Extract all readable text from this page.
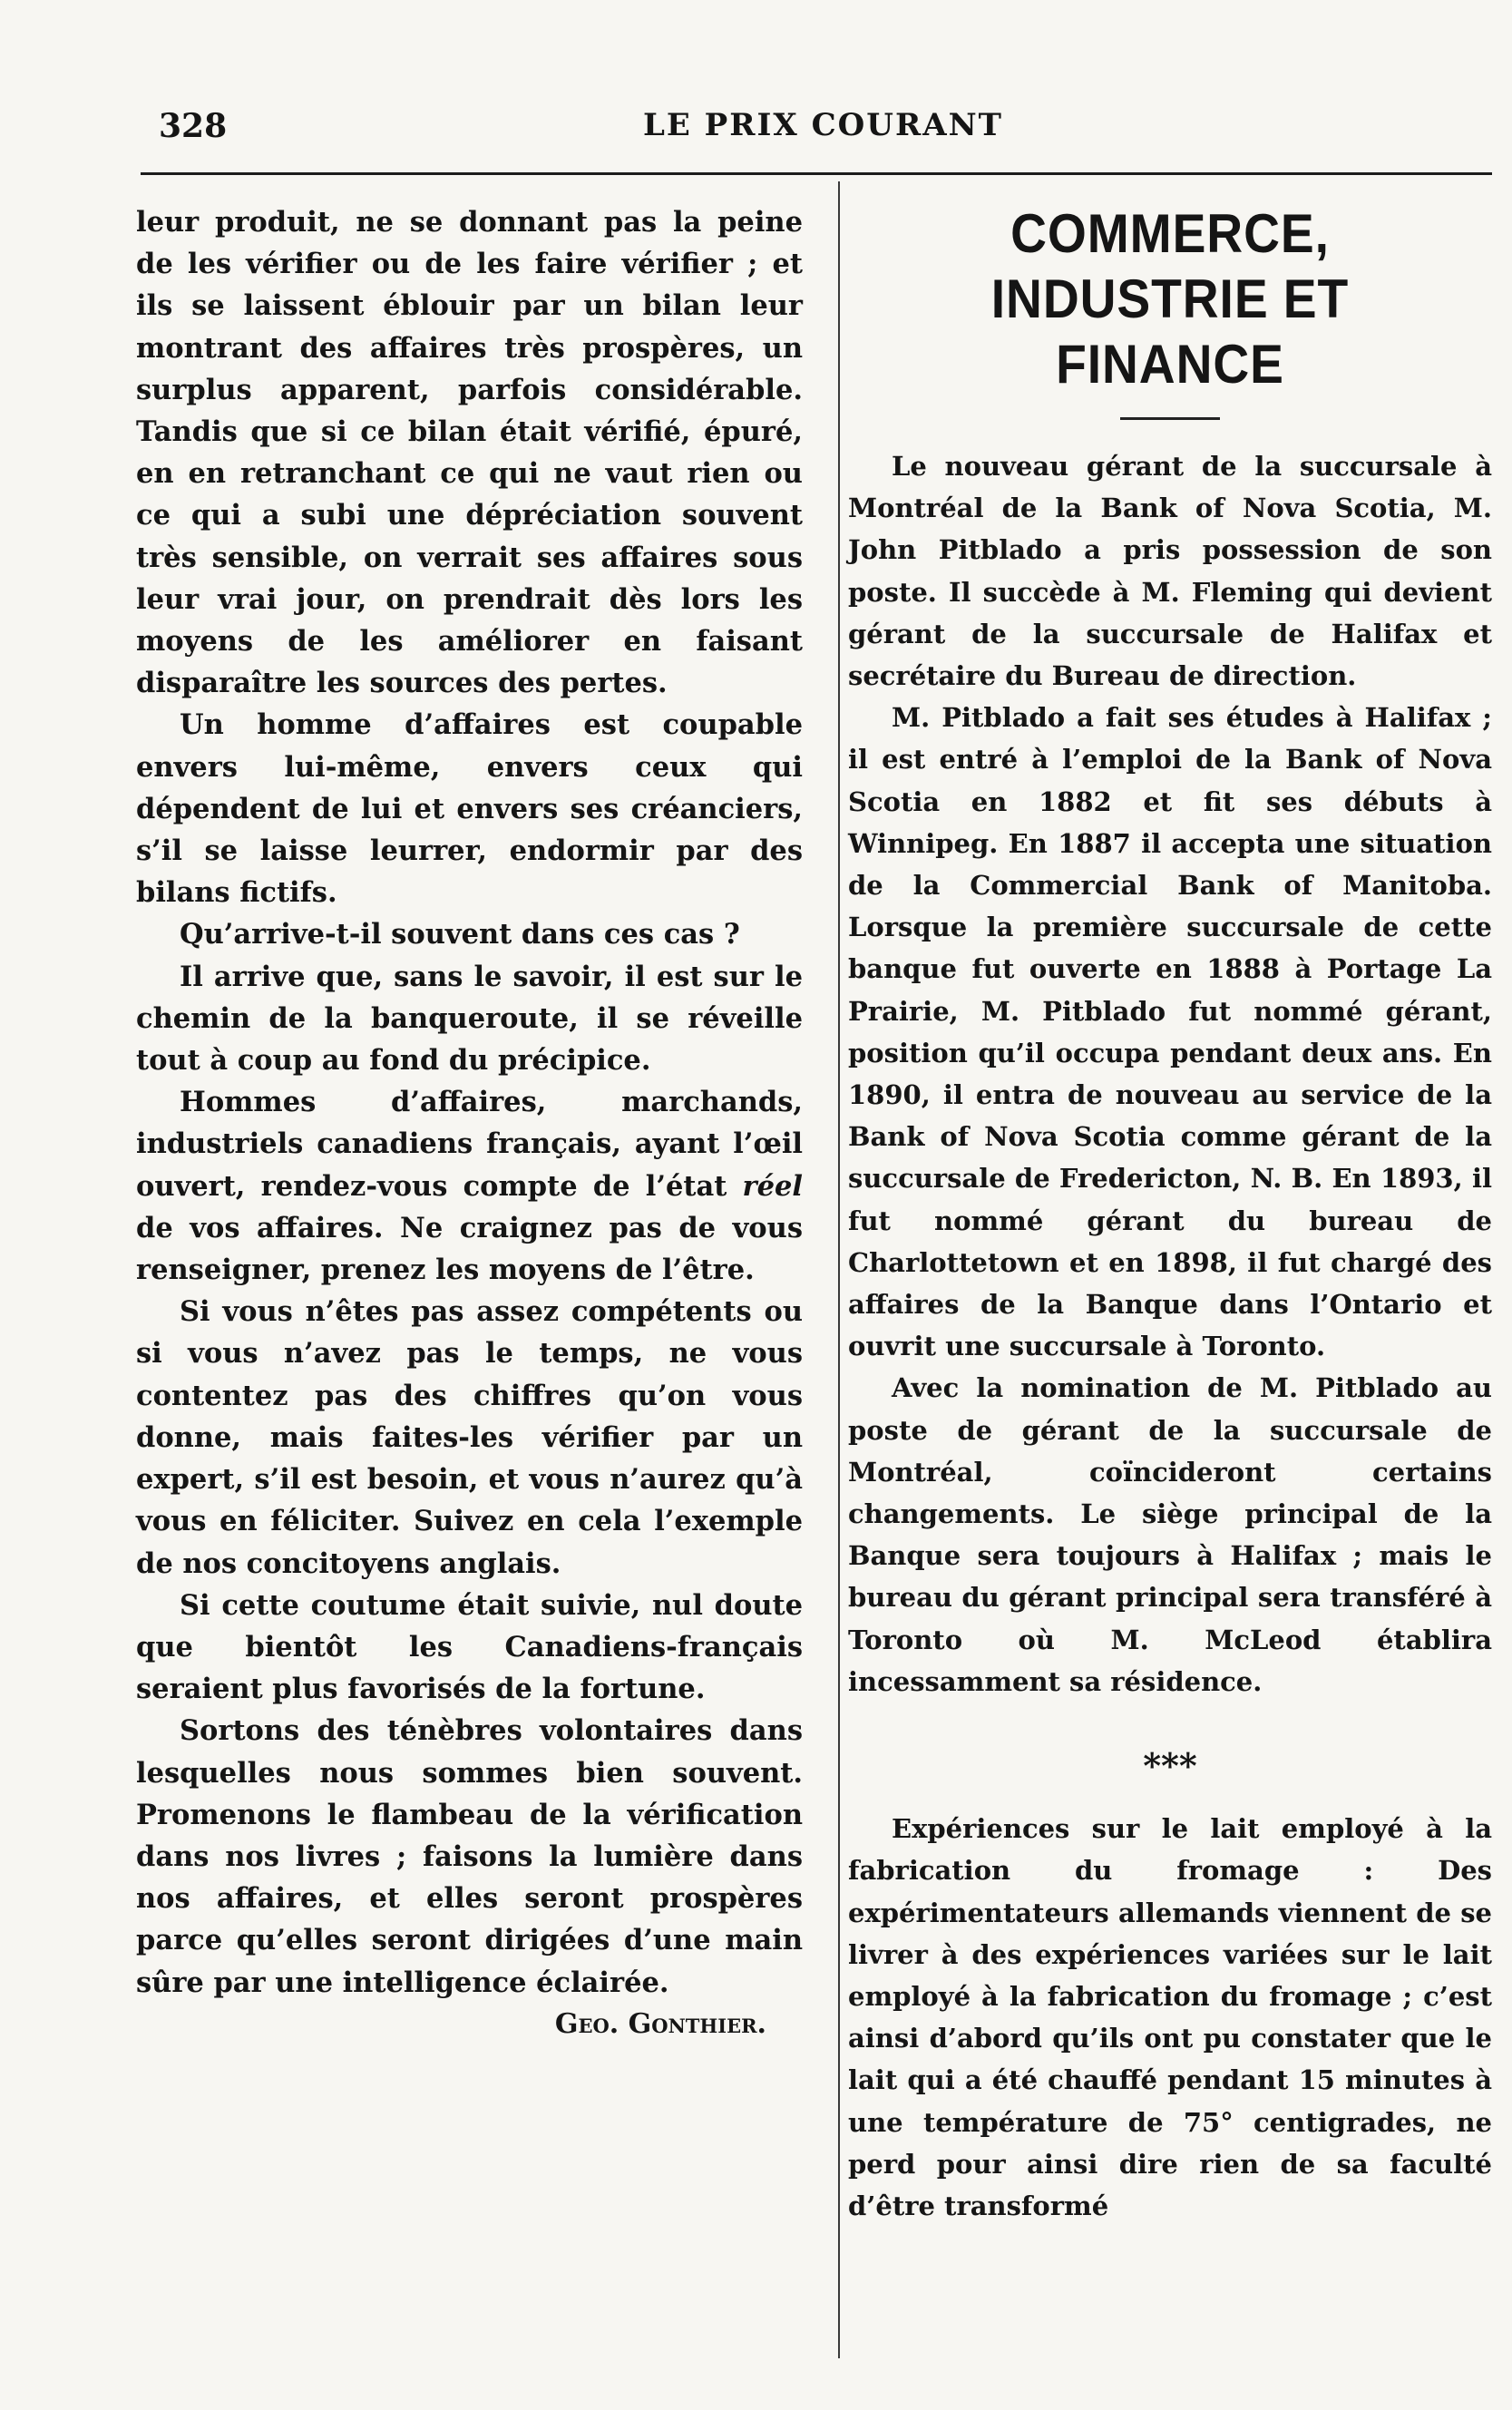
328	LE PRIX COURANT

leur produit, ne se donnant pas la peine de les vérifier ou de les faire vérifier ; et ils se laissent éblouir par un bilan leur montrant des affaires très prospères, un surplus apparent, parfois considérable. Tandis que si ce bilan était vérifié, épuré, en en retranchant ce qui ne vaut rien ou ce qui a subi une dépréciation souvent très sensible, on verrait ses affaires sous leur vrai jour, on prendrait dès lors les moyens de les améliorer en faisant disparaître les sources des pertes.

Un homme d’affaires est coupable envers lui-même, envers ceux qui dépendent de lui et envers ses créanciers, s’il se laisse leurrer, endormir par des bilans fictifs.

Qu’arrive-t-il souvent dans ces cas ?

Il arrive que, sans le savoir, il est sur le chemin de la banqueroute, il se réveille tout à coup au fond du précipice.

Hommes d’affaires, marchands, industriels canadiens français, ayant l’œil ouvert, rendez-vous compte de l’état réel de vos affaires. Ne craignez pas de vous renseigner, prenez les moyens de l’être.

Si vous n’êtes pas assez compétents ou si vous n’avez pas le temps, ne vous contentez pas des chiffres qu’on vous donne, mais faites-les vérifier par un expert, s’il est besoin, et vous n’aurez qu’à vous en féliciter. Suivez en cela l’exemple de nos concitoyens anglais.

Si cette coutume était suivie, nul doute que bientôt les Canadiens-français seraient plus favorisés de la fortune.

Sortons des ténèbres volontaires dans lesquelles nous sommes bien souvent. Promenons le flambeau de la vérification dans nos livres ; faisons la lumière dans nos affaires, et elles seront prospères parce qu’elles seront dirigées d’une main sûre par une intelligence éclairée.

Geo. Gonthier.
COMMERCE,
INDUSTRIE ET FINANCE

Le nouveau gérant de la succursale à Montréal de la Bank of Nova Scotia, M. John Pitblado a pris possession de son poste. Il succède à M. Fleming qui devient gérant de la succursale de Halifax et secrétaire du Bureau de direction.

M. Pitblado a fait ses études à Halifax ; il est entré à l’emploi de la Bank of Nova Scotia en 1882 et fit ses débuts à Winnipeg. En 1887 il accepta une situation de la Commercial Bank of Manitoba. Lorsque la première succursale de cette banque fut ouverte en 1888 à Portage La Prairie, M. Pitblado fut nommé gérant, position qu’il occupa pendant deux ans. En 1890, il entra de nouveau au service de la Bank of Nova Scotia comme gérant de la succursale de Fredericton, N. B. En 1893, il fut nommé gérant du bureau de Charlottetown et en 1898, il fut chargé des affaires de la Banque dans l’Ontario et ouvrit une succursale à Toronto.

Avec la nomination de M. Pitblado au poste de gérant de la succursale de Montréal, coïncideront certains changements. Le siège principal de la Banque sera toujours à Halifax ; mais le bureau du gérant principal sera transféré à Toronto où M. McLeod établira incessamment sa résidence.

***

Expériences sur le lait employé à la fabrication du fromage : Des expérimentateurs allemands viennent de se livrer à des expériences variées sur le lait employé à la fabrication du fromage ; c’est ainsi d’abord qu’ils ont pu constater que le lait qui a été chauffé pendant 15 minutes à une température de 75° centigrades, ne perd pour ainsi dire rien de sa faculté d’être transformé
